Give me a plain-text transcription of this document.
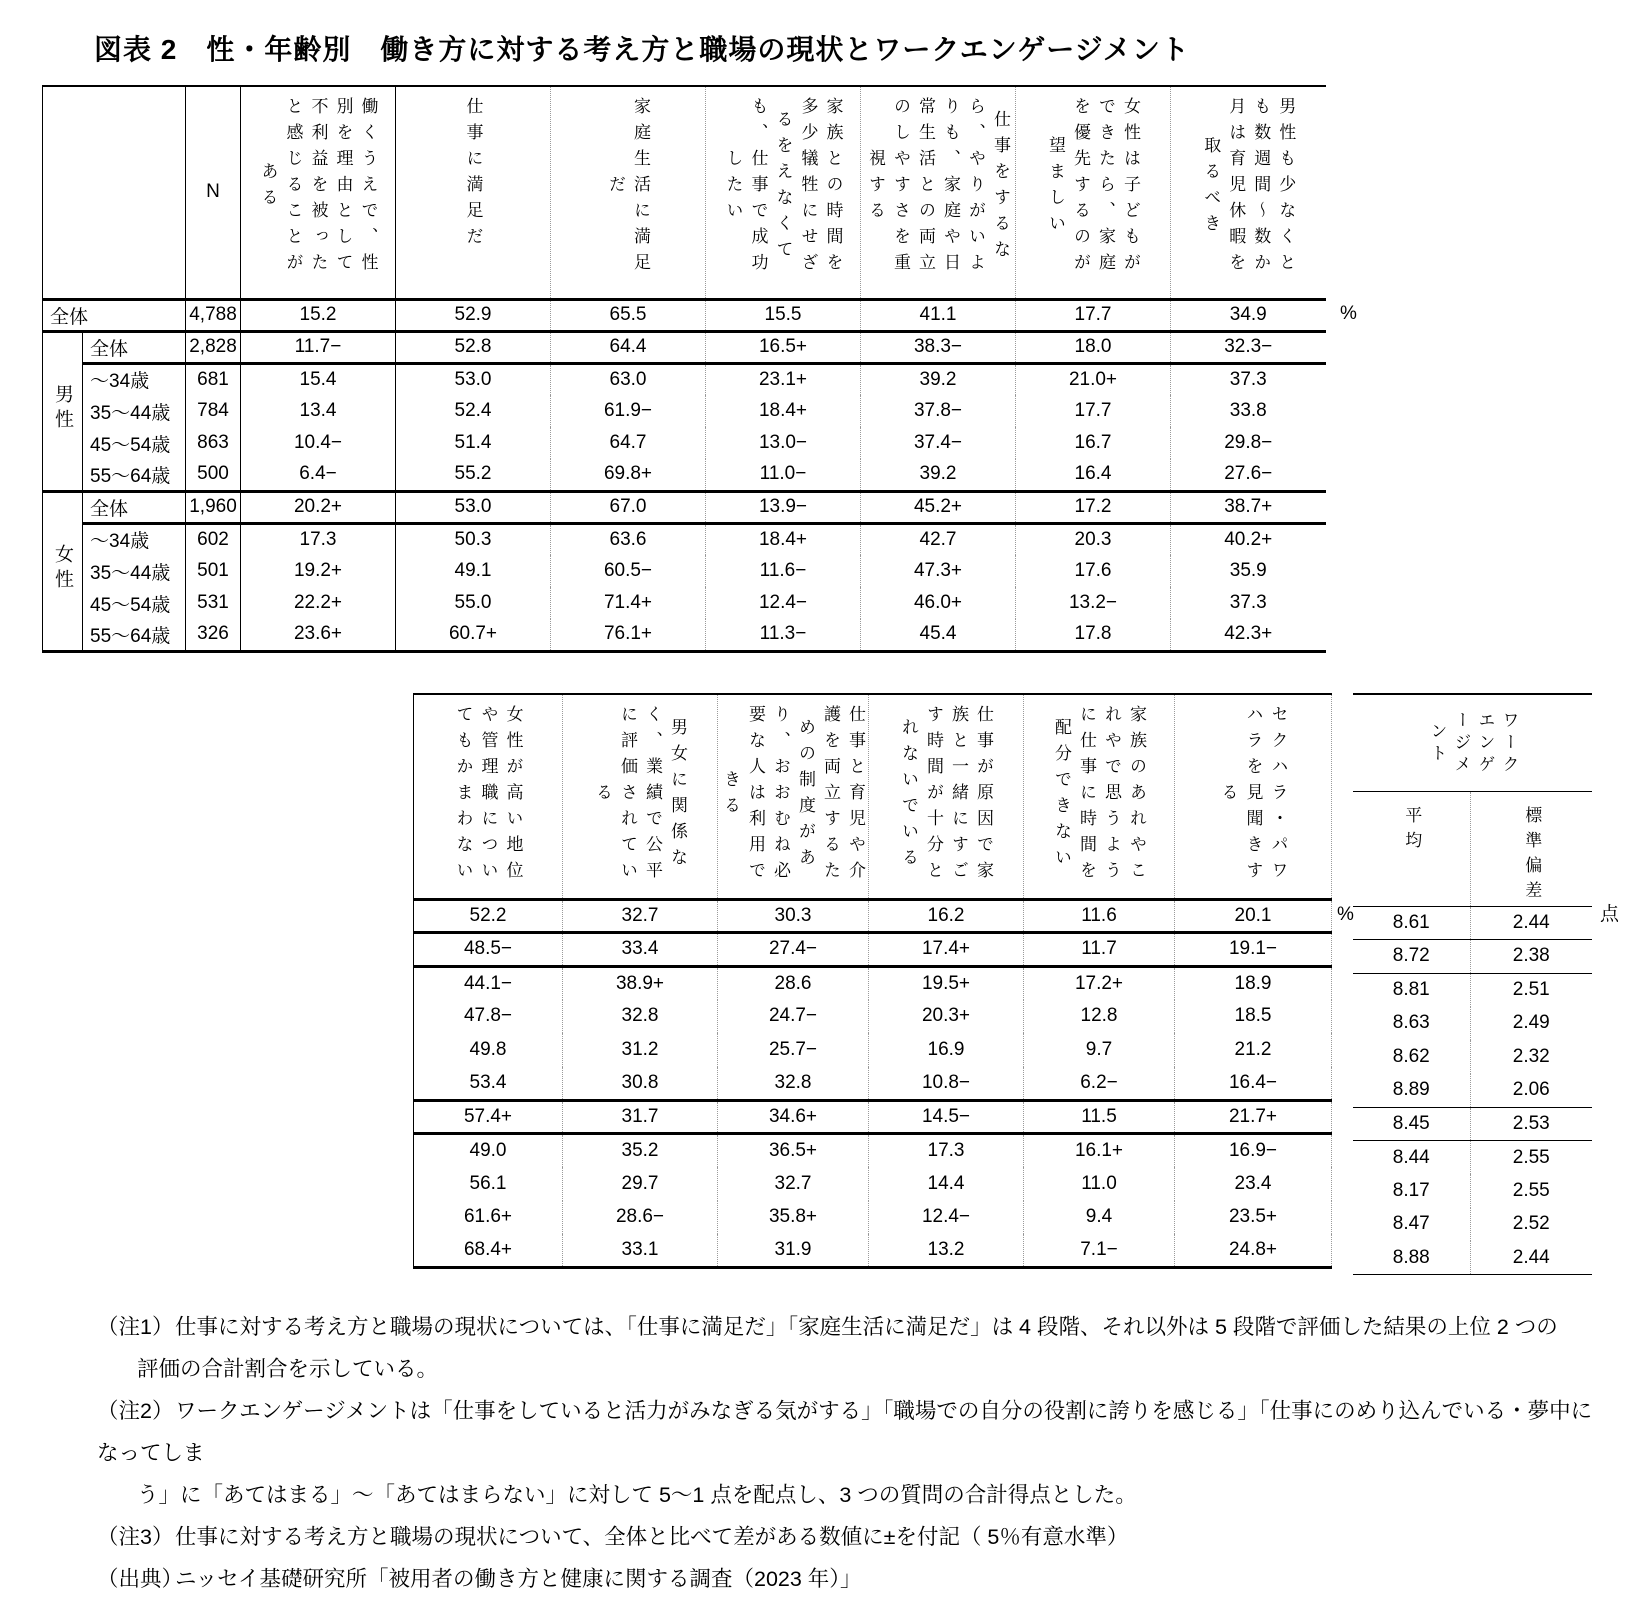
図表 2　性・年齢別　働き方に対する考え方と職場の現状とワークエンゲージメント
		N	働くうえで、性別を理由として不利益を被ったと感じることがある	仕事に満足だ	家庭生活に満足だ	家族との時間を多少犠牲にせざるをえなくても、仕事で成功したい	仕事をするなら、やりがいよりも、家庭や日常生活との両立のしやすさを重視する	女性は子どもができたら、家庭を優先するのが望ましい	男性も少なくとも数週間～数か月は育児休暇を取るべき

全体		4,788	15.2	52.9	65.5	15.5	41.1	17.7	34.9
男性	全体	2,828	11.7−	52.8	64.4	16.5+	38.3−	18.0	32.3−
	～34歳	681	15.4	53.0	63.0	23.1+	39.2	21.0+	37.3
	35～44歳	784	13.4	52.4	61.9−	18.4+	37.8−	17.7	33.8
	45～54歳	863	10.4−	51.4	64.7	13.0−	37.4−	16.7	29.8−
	55～64歳	500	6.4−	55.2	69.8+	11.0−	39.2	16.4	27.6−
女性	全体	1,960	20.2+	53.0	67.0	13.9−	45.2+	17.2	38.7+
	～34歳	602	17.3	50.3	63.6	18.4+	42.7	20.3	40.2+
	35～44歳	501	19.2+	49.1	60.5−	11.6−	47.3+	17.6	35.9
	45～54歳	531	22.2+	55.0	71.4+	12.4−	46.0+	13.2−	37.3
	55～64歳	326	23.6+	60.7+	76.1+	11.3−	45.4	17.8	42.3+
%
女性が高い地位や管理職についてもかまわない	男女に関係なく、業績で公平に評価されている	仕事と育児や介護を両立するための制度があり、おおむね必要な人は利用できる	仕事が原因で家族と一緒にすごす時間が十分とれないでいる	家族のあれやこれやで思うように仕事に時間を配分できない	セクハラ・パワハラを見聞きする

52.2	32.7	30.3	16.2	11.6	20.1
48.5−	33.4	27.4−	17.4+	11.7	19.1−
44.1−	38.9+	28.6	19.5+	17.2+	18.9
47.8−	32.8	24.7−	20.3+	12.8	18.5
49.8	31.2	25.7−	16.9	9.7	21.2
53.4	30.8	32.8	10.8−	6.2−	16.4−
57.4+	31.7	34.6+	14.5−	11.5	21.7+
49.0	35.2	36.5+	17.3	16.1+	16.9−
56.1	29.7	32.7	14.4	11.0	23.4
61.6+	28.6−	35.8+	12.4−	9.4	23.5+
68.4+	33.1	31.9	13.2	7.1−	24.8+
%
ワークエンゲージメント	

平均	標準偏差

8.61	2.44
8.72	2.38
8.81	2.51
8.63	2.49
8.62	2.32
8.89	2.06
8.45	2.53
8.44	2.55
8.17	2.55
8.47	2.52
8.88	2.44
点
（注1）仕事に対する考え方と職場の現状については、「仕事に満足だ」「家庭生活に満足だ」は 4 段階、それ以外は 5 段階で評価した結果の上位 2 つの
評価の合計割合を示している。
（注2）ワークエンゲージメントは「仕事をしていると活力がみなぎる気がする」「職場での自分の役割に誇りを感じる」「仕事にのめり込んでいる・夢中になってしま
う」に「あてはまる」～「あてはまらない」に対して 5～1 点を配点し、3 つの質問の合計得点とした。
（注3）仕事に対する考え方と職場の現状について、全体と比べて差がある数値に±を付記（ 5％有意水準）
（出典）ニッセイ基礎研究所「被用者の働き方と健康に関する調査（2023 年）」
